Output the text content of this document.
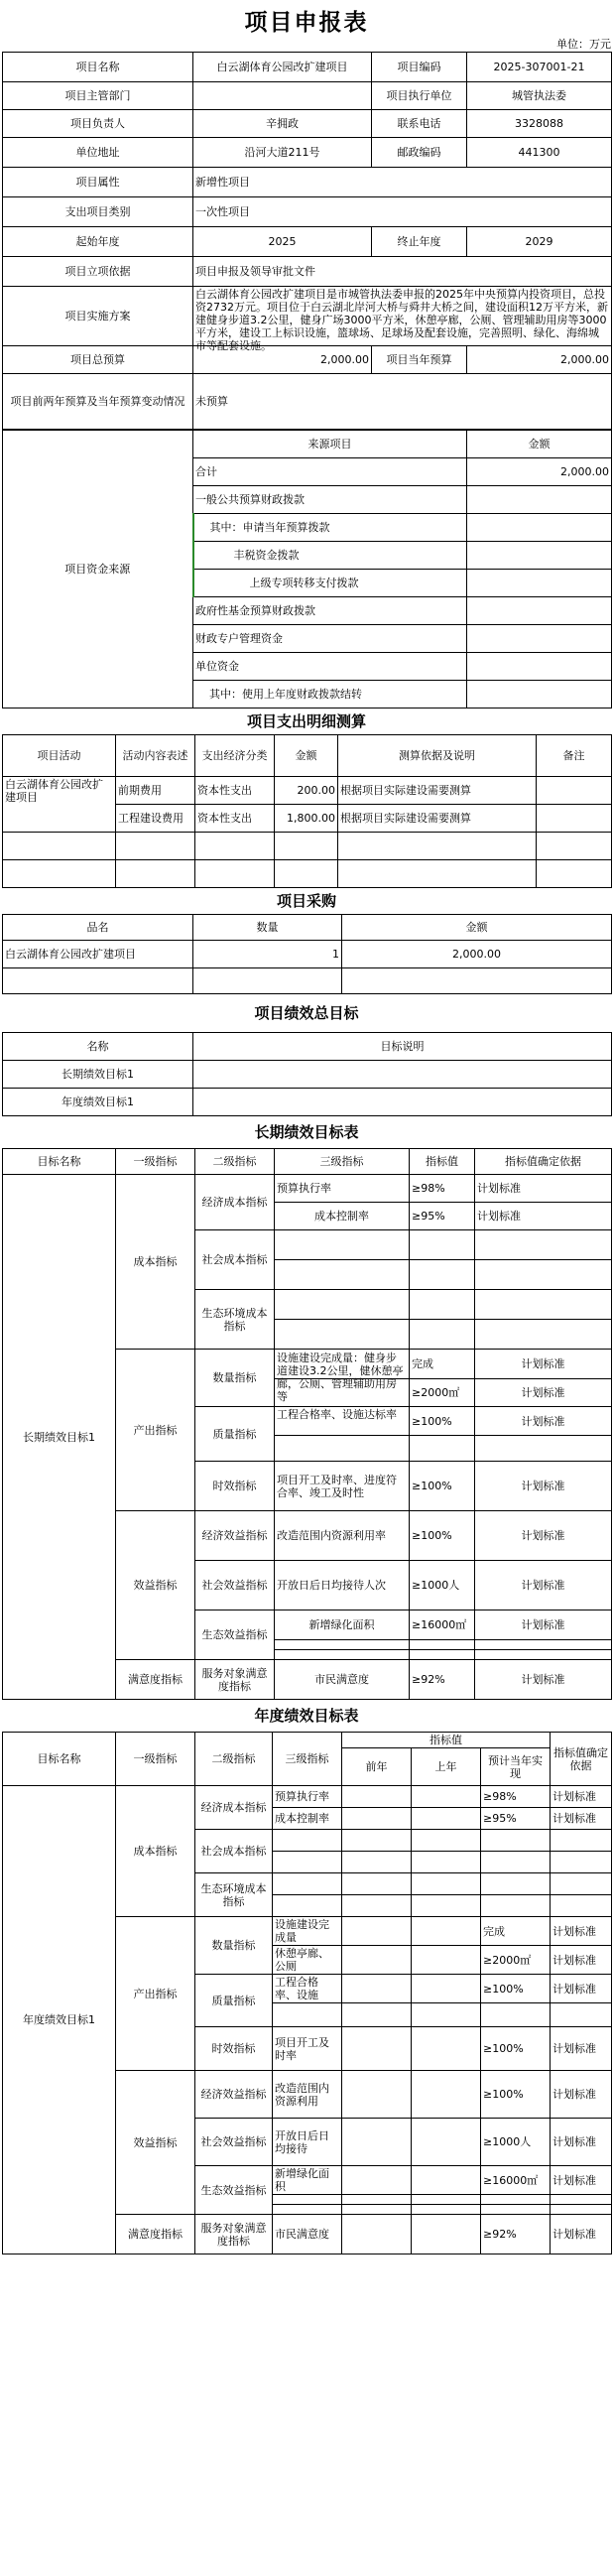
项目申报表
单位：万元
项目名称	白云湖体育公园改扩建项目	项目编码	2025-307001-21
项目主管部门		项目执行单位	城管执法委
项目负责人	辛拥政	联系电话	3328088
单位地址	沿河大道211号	邮政编码	441300
项目属性	新增性项目		
支出项目类别	一次性项目		
起始年度	2025	终止年度	2029
项目立项依据	项目申报及领导审批文件		
项目实施方案	白云湖体育公园改扩建项目是市城管执法委申报的2025年中央预算内投资项目，总投资2732万元。项目位于白云湖北岸河大桥与舜井大桥之间，建设面积12万平方米，新建健身步道3.2公里，健身广场3000平方米，休憩亭廊，公厕、管理辅助用房等3000平方米，建设工上标识设施，篮球场、足球场及配套设施，完善照明、绿化、海绵城市等配套设施。		

项目总预算	2,000.00	项目当年预算	2,000.00
项目前两年预算及当年预算变动情况	未预算		
项目资金来源	来源项目	金额
	合计	2,000.00
	一般公共预算财政拨款	
	其中：申请当年预算拨款	
	丰税资金拨款	
	上级专项转移支付拨款	
	政府性基金预算财政拨款	
	财政专户管理资金	
	单位资金	
	其中：使用上年度财政拨款结转	
项目支出明细测算
项目活动	活动内容表述	支出经济分类	金额	测算依据及说明	备注
白云湖体育公园改扩建项目	前期费用	资本性支出	200.00	根据项目实际建设需要测算	
	工程建设费用	资本性支出	1,800.00	根据项目实际建设需要测算	

项目采购
品名	数量	金额
白云湖体育公园改扩建项目	1	2,000.00

项目绩效总目标
名称	目标说明
长期绩效目标1	
年度绩效目标1	
长期绩效目标表
目标名称	一级指标	二级指标	三级指标	指标值	指标值确定依据
长期绩效目标1	成本指标	经济成本指标	预算执行率	≥98%	计划标准
			成本控制率	≥95%	计划标准
		社会成本指标			

		生态环境成本指标			

	产出指标	数量指标	设施建设完成量：健身步道建设3.2公里，健休憩亭廊，公厕、管理辅助用房等	完成	计划标准
				≥2000㎡	计划标准
		质量指标	工程合格率、设施达标率	≥100%	计划标准

		时效指标	项目开工及时率、进度符合率、竣工及时性	≥100%	计划标准
	效益指标	经济效益指标	改造范围内资源利用率	≥100%	计划标准
		社会效益指标	开放日后日均接待人次	≥1000人	计划标准
		生态效益指标	新增绿化面积	≥16000㎡	计划标准

	满意度指标	服务对象满意度指标	市民满意度	≥92%	计划标准
年度绩效目标表
目标名称	一级指标	二级指标	三级指标	指标值			指标值确定依据
				前年	上年	预计当年实现	
年度绩效目标1	成本指标	经济成本指标	预算执行率			≥98%	计划标准
			成本控制率			≥95%	计划标准
		社会成本指标					

		生态环境成本指标					

	产出指标	数量指标	设施建设完成量			完成	计划标准
			休憩亭廊、公厕			≥2000㎡	计划标准
		质量指标	工程合格率、设施			≥100%	计划标准

		时效指标	项目开工及时率			≥100%	计划标准
	效益指标	经济效益指标	改造范围内资源利用			≥100%	计划标准
		社会效益指标	开放日后日均接待			≥1000人	计划标准
		生态效益指标	新增绿化面积			≥16000㎡	计划标准

	满意度指标	服务对象满意度指标	市民满意度			≥92%	计划标准
